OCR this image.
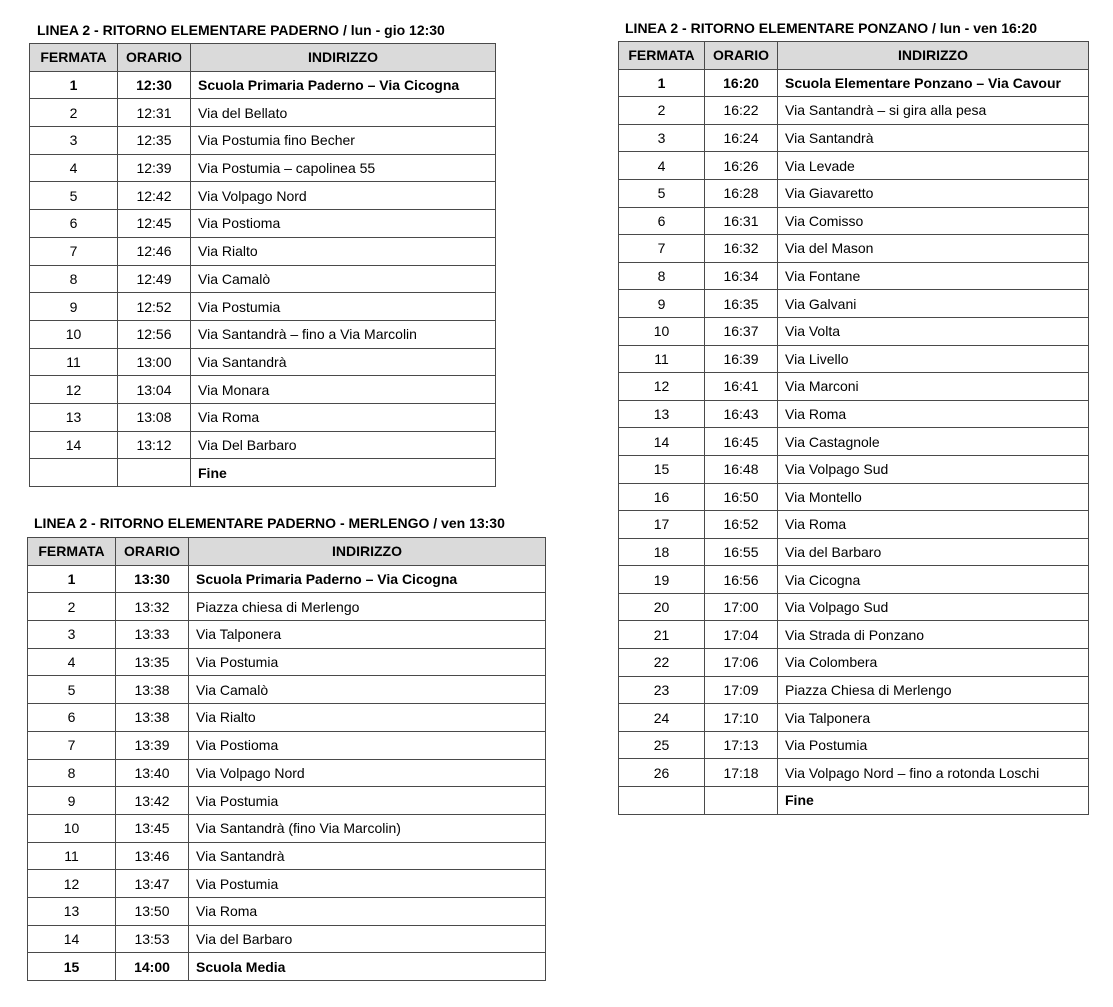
LINEA 2 - RITORNO ELEMENTARE PADERNO / lun - gio 12:30
FERMATA	ORARIO	INDIRIZZO
1	12:30	Scuola Primaria Paderno – Via Cicogna
2	12:31	Via del Bellato
3	12:35	Via Postumia fino Becher
4	12:39	Via Postumia – capolinea 55
5	12:42	Via Volpago Nord
6	12:45	Via Postioma
7	12:46	Via Rialto
8	12:49	Via Camalò
9	12:52	Via Postumia
10	12:56	Via Santandrà – fino a Via Marcolin
11	13:00	Via Santandrà
12	13:04	Via Monara
13	13:08	Via Roma
14	13:12	Via Del Barbaro
		Fine
LINEA 2 - RITORNO ELEMENTARE PADERNO - MERLENGO / ven 13:30
FERMATA	ORARIO	INDIRIZZO
1	13:30	Scuola Primaria Paderno – Via Cicogna
2	13:32	Piazza chiesa di Merlengo
3	13:33	Via Talponera
4	13:35	Via Postumia
5	13:38	Via Camalò
6	13:38	Via Rialto
7	13:39	Via Postioma
8	13:40	Via Volpago Nord
9	13:42	Via Postumia
10	13:45	Via Santandrà (fino Via Marcolin)
11	13:46	Via Santandrà
12	13:47	Via Postumia
13	13:50	Via Roma
14	13:53	Via del Barbaro
15	14:00	Scuola Media
LINEA 2 - RITORNO ELEMENTARE PONZANO / lun - ven 16:20
FERMATA	ORARIO	INDIRIZZO
1	16:20	Scuola Elementare Ponzano – Via Cavour
2	16:22	Via Santandrà – si gira alla pesa
3	16:24	Via Santandrà
4	16:26	Via Levade
5	16:28	Via Giavaretto
6	16:31	Via Comisso
7	16:32	Via del Mason
8	16:34	Via Fontane
9	16:35	Via Galvani
10	16:37	Via Volta
11	16:39	Via Livello
12	16:41	Via Marconi
13	16:43	Via Roma
14	16:45	Via Castagnole
15	16:48	Via Volpago Sud
16	16:50	Via Montello
17	16:52	Via Roma
18	16:55	Via del Barbaro
19	16:56	Via Cicogna
20	17:00	Via Volpago Sud
21	17:04	Via Strada di Ponzano
22	17:06	Via Colombera
23	17:09	Piazza Chiesa di Merlengo
24	17:10	Via Talponera
25	17:13	Via Postumia
26	17:18	Via Volpago Nord – fino a rotonda Loschi
		Fine
